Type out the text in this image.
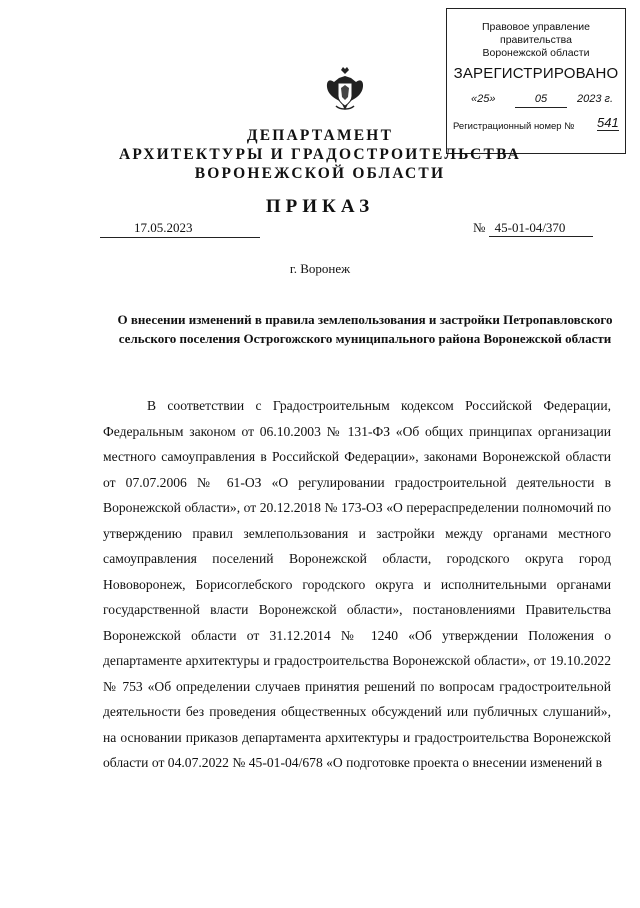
Правовое управление правительства
Воронежской области
ЗАРЕГИСТРИРОВАНО
«25»	05	2023 г.
Регистрационный номер № 541
ДЕПАРТАМЕНТ
АРХИТЕКТУРЫ И ГРАДОСТРОИТЕЛЬСТВА
ВОРОНЕЖСКОЙ ОБЛАСТИ
ПРИКАЗ
17.05.2023	№ 45-01-04/370
г. Воронеж
О внесении изменений в правила землепользования и застройки Петропавловского сельского поселения Острогожского муниципального района Воронежской области
В соответствии с Градостроительным кодексом Российской Федерации, Федеральным законом от 06.10.2003 № 131-ФЗ «Об общих принципах организации местного самоуправления в Российской Федерации», законами Воронежской области от 07.07.2006 № 61-ОЗ «О регулировании градостроительной деятельности в Воронежской области», от 20.12.2018 № 173-ОЗ «О перераспределении полномочий по утверждению правил землепользования и застройки между органами местного самоуправления поселений Воронежской области, городского округа город Нововоронеж, Борисоглебского городского округа и исполнительными органами государственной власти Воронежской области», постановлениями Правительства Воронежской области от 31.12.2014 № 1240 «Об утверждении Положения о департаменте архитектуры и градостроительства Воронежской области», от 19.10.2022 № 753 «Об определении случаев принятия решений по вопросам градостроительной деятельности без проведения общественных обсуждений или публичных слушаний», на основании приказов департамента архитектуры и градостроительства Воронежской области от 04.07.2022 № 45-01-04/678 «О подготовке проекта о внесении изменений в
